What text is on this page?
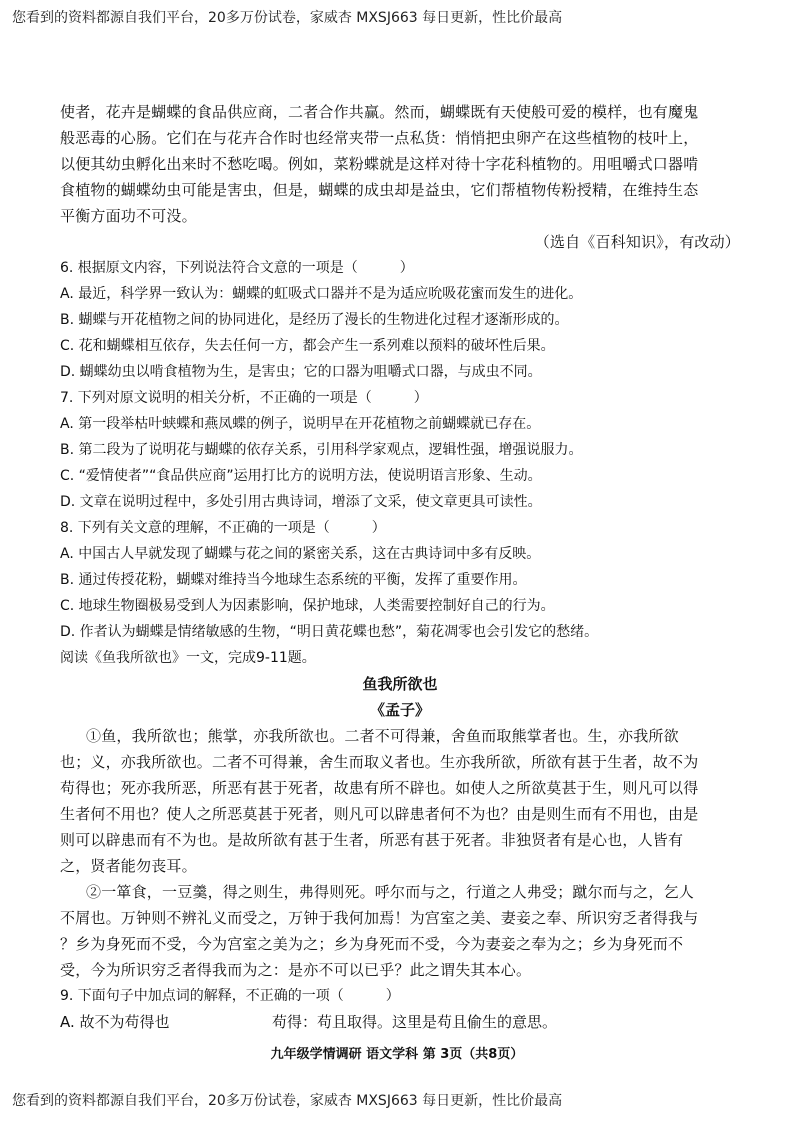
您看到的资料都源自我们平台，20多万份试卷，家威杏 MXSJ663 每日更新，性比价最高
使者，花卉是蝴蝶的食品供应商，二者合作共赢。然而，蝴蝶既有天使般可爱的模样，也有魔鬼
般恶毒的心肠。它们在与花卉合作时也经常夹带一点私货：悄悄把虫卵产在这些植物的枝叶上，
以便其幼虫孵化出来时不愁吃喝。例如，菜粉蝶就是这样对待十字花科植物的。用咀嚼式口器啃
食植物的蝴蝶幼虫可能是害虫，但是，蝴蝶的成虫却是益虫，它们帮植物传粉授精，在维持生态
平衡方面功不可没。
（选自《百科知识》，有改动）
6. 根据原文内容，下列说法符合文意的一项是（　　　）
A. 最近，科学界一致认为：蝴蝶的虹吸式口器并不是为适应吮吸花蜜而发生的进化。
B. 蝴蝶与开花植物之间的协同进化，是经历了漫长的生物进化过程才逐渐形成的。
C. 花和蝴蝶相互依存，失去任何一方，都会产生一系列难以预料的破坏性后果。
D. 蝴蝶幼虫以啃食植物为生，是害虫；它的口器为咀嚼式口器，与成虫不同。
7. 下列对原文说明的相关分析，不正确的一项是（　　　）
A. 第一段举枯叶蛱蝶和燕凤蝶的例子，说明早在开花植物之前蝴蝶就已存在。
B. 第二段为了说明花与蝴蝶的依存关系，引用科学家观点，逻辑性强，增强说服力。
C. “爱情使者”“食品供应商”运用打比方的说明方法，使说明语言形象、生动。
D. 文章在说明过程中，多处引用古典诗词，增添了文采，使文章更具可读性。
8. 下列有关文意的理解，不正确的一项是（　　　）
A. 中国古人早就发现了蝴蝶与花之间的紧密关系，这在古典诗词中多有反映。
B. 通过传授花粉，蝴蝶对维持当今地球生态系统的平衡，发挥了重要作用。
C. 地球生物圈极易受到人为因素影响，保护地球，人类需要控制好自己的行为。
D. 作者认为蝴蝶是情绪敏感的生物，“明日黄花蝶也愁”，菊花凋零也会引发它的愁绪。
阅读《鱼我所欲也》一文，完成9-11题。
鱼我所欲也
《孟子》
①鱼，我所欲也；熊掌，亦我所欲也。二者不可得兼，舍鱼而取熊掌者也。生，亦我所欲
也；义，亦我所欲也。二者不可得兼，舍生而取义者也。生亦我所欲，所欲有甚于生者，故不为
苟得也；死亦我所恶，所恶有甚于死者，故患有所不辟也。如使人之所欲莫甚于生，则凡可以得
生者何不用也？使人之所恶莫甚于死者，则凡可以辟患者何不为也？由是则生而有不用也，由是
则可以辟患而有不为也。是故所欲有甚于生者，所恶有甚于死者。非独贤者有是心也，人皆有
之，贤者能勿丧耳。
②一箪食，一豆羹，得之则生，弗得则死。呼尔而与之，行道之人弗受；蹴尔而与之，乞人
不屑也。万钟则不辨礼义而受之，万钟于我何加焉！为宫室之美、妻妾之奉、所识穷乏者得我与
？乡为身死而不受，今为宫室之美为之；乡为身死而不受，今为妻妾之奉为之；乡为身死而不
受，今为所识穷乏者得我而为之：是亦不可以已乎？此之谓失其本心。
9. 下面句子中加点词的解释，不正确的一项（　　　）
A. 故不为苟得也	苟得：苟且取得。这里是苟且偷生的意思。
九年级学情调研 语文学科 第 3页（共8页）
您看到的资料都源自我们平台，20多万份试卷，家威杏 MXSJ663 每日更新，性比价最高
